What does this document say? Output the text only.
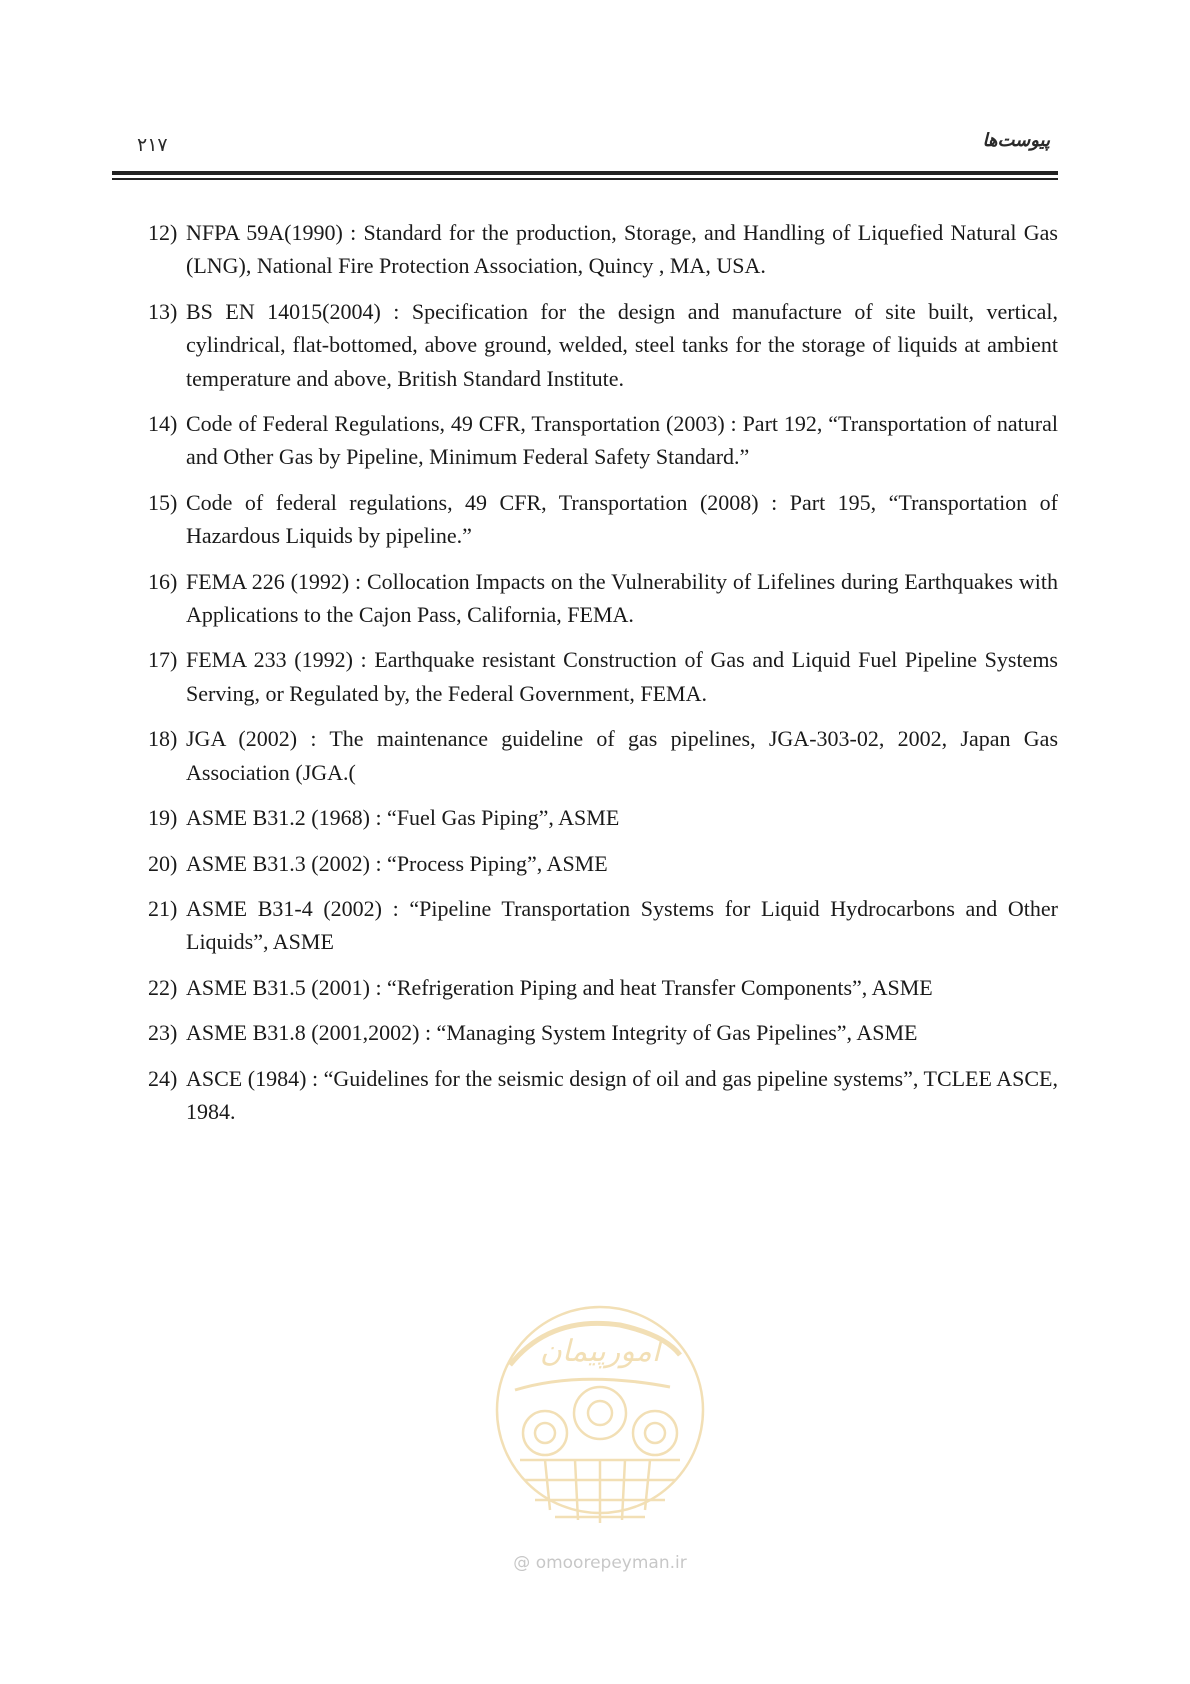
۲۱۷	پیوست‌ها
12) NFPA 59A(1990) : Standard for the production, Storage, and Handling of Liquefied Natural Gas (LNG), National Fire Protection Association, Quincy , MA, USA.
13) BS EN 14015(2004) : Specification for the design and manufacture of site built, vertical, cylindrical, flat-bottomed, above ground, welded, steel tanks for the storage of liquids at ambient temperature and above, British Standard Institute.
14) Code of Federal Regulations, 49 CFR, Transportation (2003) : Part 192, “Transportation of natural and Other Gas by Pipeline, Minimum Federal Safety Standard.”
15) Code of federal regulations, 49 CFR, Transportation (2008) : Part 195, “Transportation of Hazardous Liquids by pipeline.”
16) FEMA 226 (1992) : Collocation Impacts on the Vulnerability of Lifelines during Earthquakes with Applications to the Cajon Pass, California, FEMA.
17) FEMA 233 (1992) : Earthquake resistant Construction of Gas and Liquid Fuel Pipeline Systems Serving, or Regulated by, the Federal Government, FEMA.
18) JGA (2002) : The maintenance guideline of gas pipelines, JGA-303-02, 2002, Japan Gas Association (JGA.(
19) ASME B31.2 (1968) : “Fuel Gas Piping”, ASME
20) ASME B31.3 (2002) : “Process Piping”, ASME
21) ASME B31-4 (2002) : “Pipeline Transportation Systems for Liquid Hydrocarbons and Other Liquids”, ASME
22) ASME B31.5 (2001) : “Refrigeration Piping and heat Transfer Components”, ASME
23) ASME B31.8 (2001,2002) : “Managing System Integrity of Gas Pipelines”, ASME
24) ASCE (1984) : “Guidelines for the seismic design of oil and gas pipeline systems”, TCLEE ASCE, 1984.
امورپیمان
@ omoorepeyman.ir
